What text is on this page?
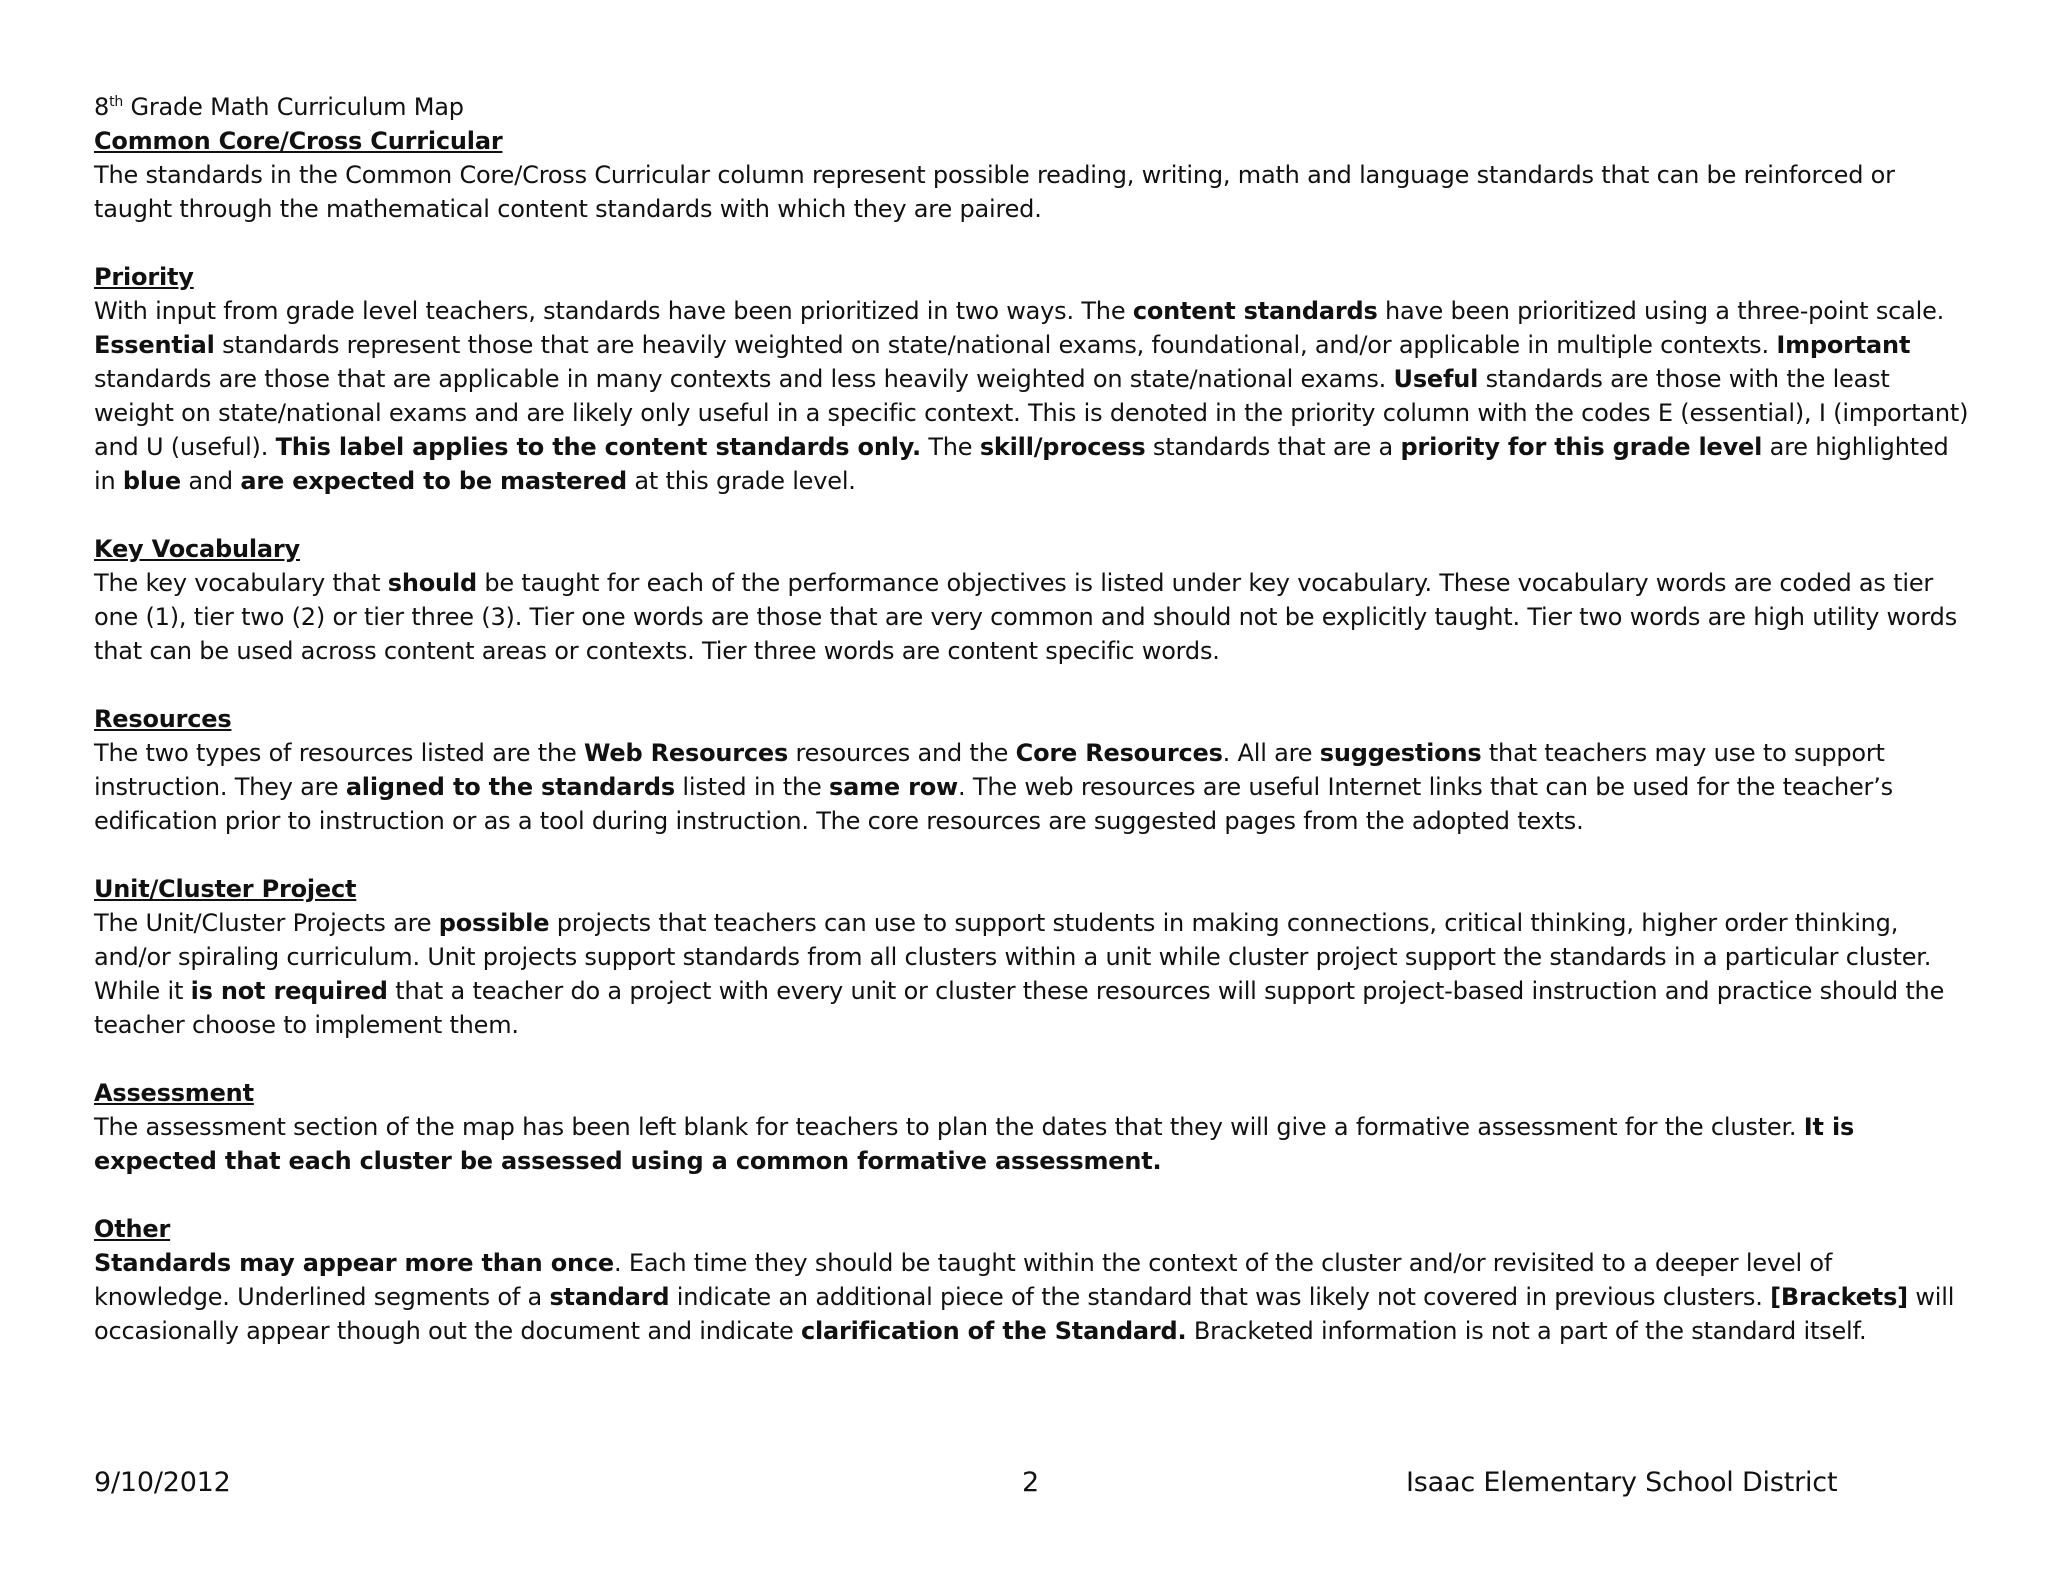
8th Grade Math Curriculum Map

Common Core/Cross Curricular

The standards in the Common Core/Cross Curricular column represent possible reading, writing, math and language standards that can be reinforced or taught through the mathematical content standards with which they are paired.

Priority

With input from grade level teachers, standards have been prioritized in two ways. The content standards have been prioritized using a three-point scale. Essential standards represent those that are heavily weighted on state/national exams, foundational, and/or applicable in multiple contexts. Important standards are those that are applicable in many contexts and less heavily weighted on state/national exams. Useful standards are those with the least weight on state/national exams and are likely only useful in a specific context. This is denoted in the priority column with the codes E (essential), I (important) and U (useful). This label applies to the content standards only. The skill/process standards that are a priority for this grade level are highlighted in blue and are expected to be mastered at this grade level.

Key Vocabulary

The key vocabulary that should be taught for each of the performance objectives is listed under key vocabulary. These vocabulary words are coded as tier one (1), tier two (2) or tier three (3). Tier one words are those that are very common and should not be explicitly taught. Tier two words are high utility words that can be used across content areas or contexts. Tier three words are content specific words.

Resources

The two types of resources listed are the Web Resources resources and the Core Resources. All are suggestions that teachers may use to support instruction. They are aligned to the standards listed in the same row. The web resources are useful Internet links that can be used for the teacher’s edification prior to instruction or as a tool during instruction. The core resources are suggested pages from the adopted texts.

Unit/Cluster Project

The Unit/Cluster Projects are possible projects that teachers can use to support students in making connections, critical thinking, higher order thinking, and/or spiraling curriculum. Unit projects support standards from all clusters within a unit while cluster project support the standards in a particular cluster. While it is not required that a teacher do a project with every unit or cluster these resources will support project-based instruction and practice should the teacher choose to implement them.

Assessment

The assessment section of the map has been left blank for teachers to plan the dates that they will give a formative assessment for the cluster. It is expected that each cluster be assessed using a common formative assessment.

Other

Standards may appear more than once. Each time they should be taught within the context of the cluster and/or revisited to a deeper level of knowledge. Underlined segments of a standard indicate an additional piece of the standard that was likely not covered in previous clusters. [Brackets] will occasionally appear though out the document and indicate clarification of the Standard. Bracketed information is not a part of the standard itself.

9/10/2012	2	Isaac Elementary School District
